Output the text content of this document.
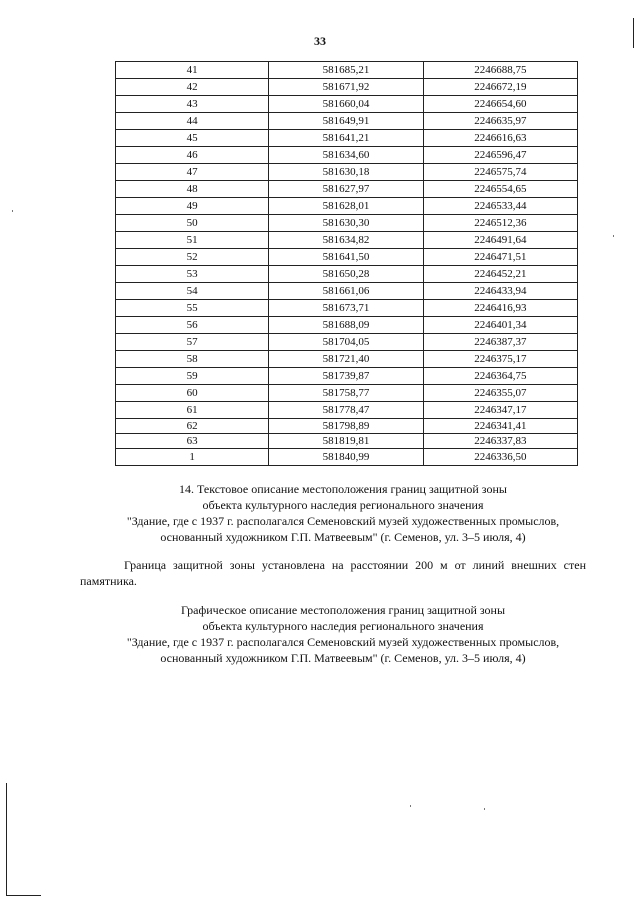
33
41	581685,21	2246688,75
42	581671,92	2246672,19
43	581660,04	2246654,60
44	581649,91	2246635,97
45	581641,21	2246616,63
46	581634,60	2246596,47
47	581630,18	2246575,74
48	581627,97	2246554,65
49	581628,01	2246533,44
50	581630,30	2246512,36
51	581634,82	2246491,64
52	581641,50	2246471,51
53	581650,28	2246452,21
54	581661,06	2246433,94
55	581673,71	2246416,93
56	581688,09	2246401,34
57	581704,05	2246387,37
58	581721,40	2246375,17
59	581739,87	2246364,75
60	581758,77	2246355,07
61	581778,47	2246347,17
62	581798,89	2246341,41
63	581819,81	2246337,83
1	581840,99	2246336,50
14. Текстовое описание местоположения границ защитной зоны
объекта культурного наследия регионального значения
"Здание, где с 1937 г. располагался Семеновский музей художественных промыслов,
основанный художником Г.П. Матвеевым" (г. Семенов, ул. 3–5 июля, 4)
Граница защитной зоны установлена на расстоянии 200 м от линий внешних стен памятника.
Графическое описание местоположения границ защитной зоны
объекта культурного наследия регионального значения
"Здание, где с 1937 г. располагался Семеновский музей художественных промыслов,
основанный художником Г.П. Матвеевым" (г. Семенов, ул. 3–5 июля, 4)
